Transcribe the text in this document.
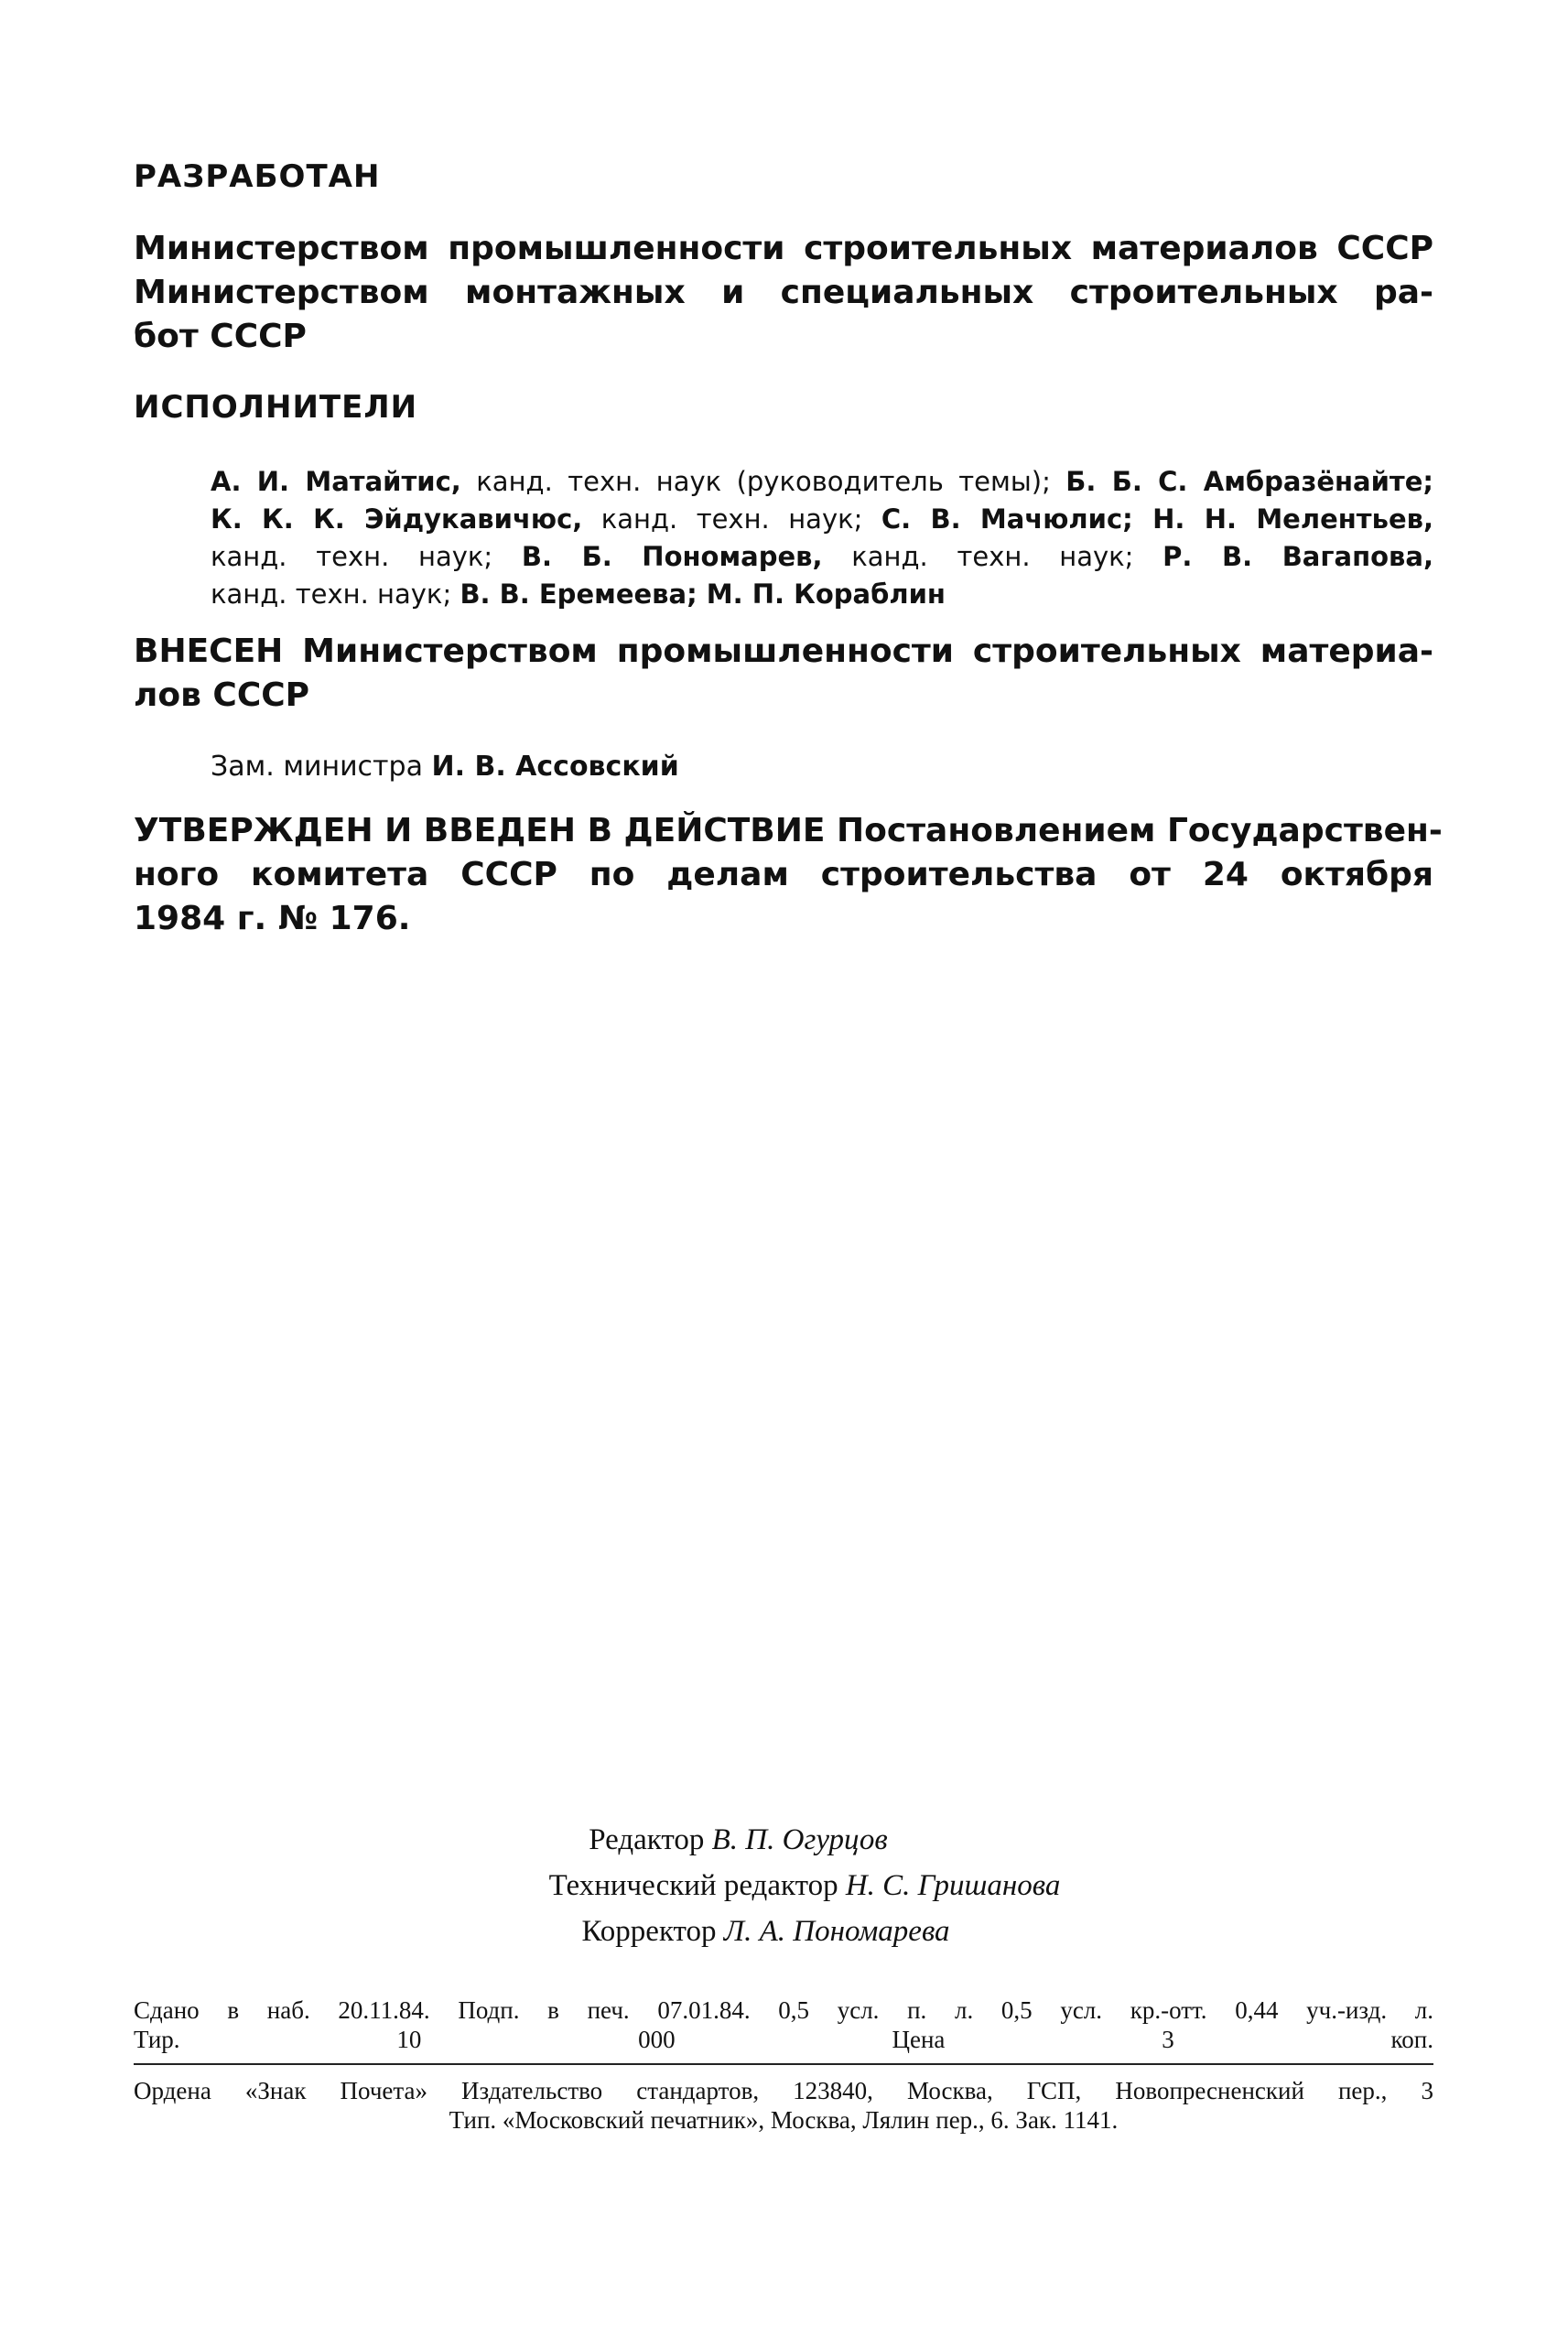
РАЗРАБОТАН

Министерством промышленности строительных материалов СССР
Министерством монтажных и специальных строительных ра-
бот СССР

ИСПОЛНИТЕЛИ

А. И. Матайтис, канд. техн. наук (руководитель темы); Б. Б. С. Амбразёнайте;
К. К. К. Эйдукавичюс, канд. техн. наук; С. В. Мачюлис; Н. Н. Мелентьев,
канд. техн. наук; В. Б. Пономарев, канд. техн. наук; Р. В. Вагапова,
канд. техн. наук; В. В. Еремеева; М. П. Кораблин

ВНЕСЕН Министерством промышленности строительных материа-
лов СССР

Зам. министра И. В. Ассовский

УТВЕРЖДЕН И ВВЕДЕН В ДЕЙСТВИЕ Постановлением Государствен-
ного комитета СССР по делам строительства от 24 октября
1984 г. № 176.

Редактор В. П. Огурцов
Технический редактор Н. С. Гришанова
Корректор Л. А. Пономарева

Сдано в наб. 20.11.84. Подп. в печ. 07.01.84. 0,5 усл. п. л. 0,5 усл. кр.-отт. 0,44 уч.-изд. л.
Тир. 10 000	Цена 3 коп.

Ордена «Знак Почета» Издательство стандартов, 123840, Москва, ГСП, Новопресненский пер., 3
Тип. «Московский печатник», Москва, Лялин пер., 6. Зак. 1141.
